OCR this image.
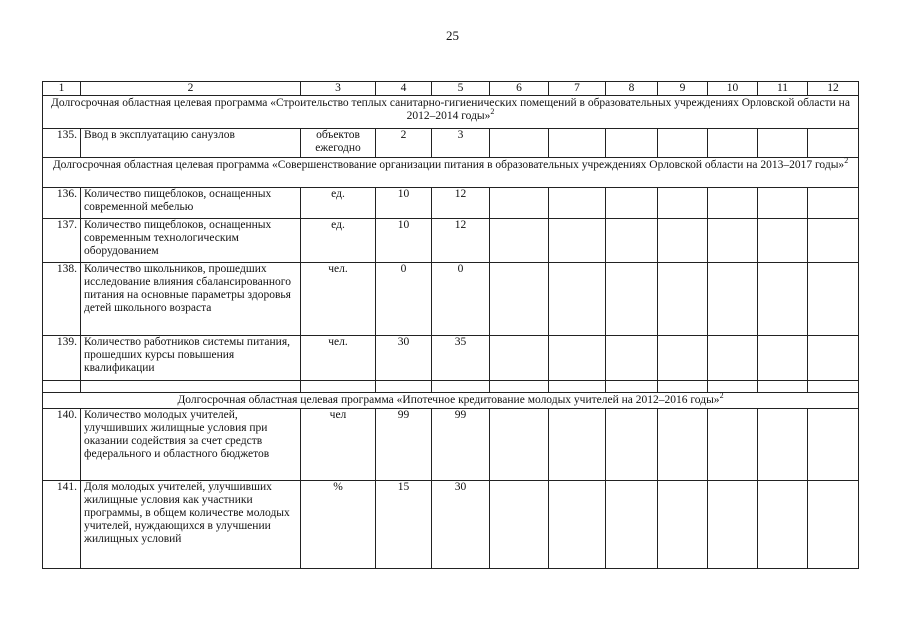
25
1	2	3	4	5	6	7	8	9	10	11	12
Долгосрочная областная целевая программа «Строительство теплых санитарно-гигиенических помещений в образовательных учреждениях Орловской области на 2012–2014 годы»$^2$
135.	Ввод в эксплуатацию санузлов	объектов ежегодно	2	3							
Долгосрочная областная целевая программа «Совершенствование организации питания в образовательных учреждениях Орловской области на 2013–2017 годы»$^2$
136.	Количество пищеблоков, оснащенных современной мебелью	ед.	10	12							
137.	Количество пищеблоков, оснащенных современным технологическим оборудованием	ед.	10	12							
138.	Количество школьников, прошедших исследование влияния сбалансированного питания на основные параметры здоровья детей школьного возраста	чел.	0	0							
139.	Количество работников системы питания, прошедших курсы повышения квалификации	чел.	30	35							

Долгосрочная областная целевая программа «Ипотечное кредитование молодых учителей на 2012–2016 годы»$^2$
140.	Количество молодых учителей, улучшивших жилищные условия при оказании содействия за счет средств федерального и областного бюджетов	чел	99	99							
141.	Доля молодых учителей, улучшивших жилищные условия как участники программы, в общем количестве молодых учителей, нуждающихся в улучшении жилищных условий	%	15	30							
